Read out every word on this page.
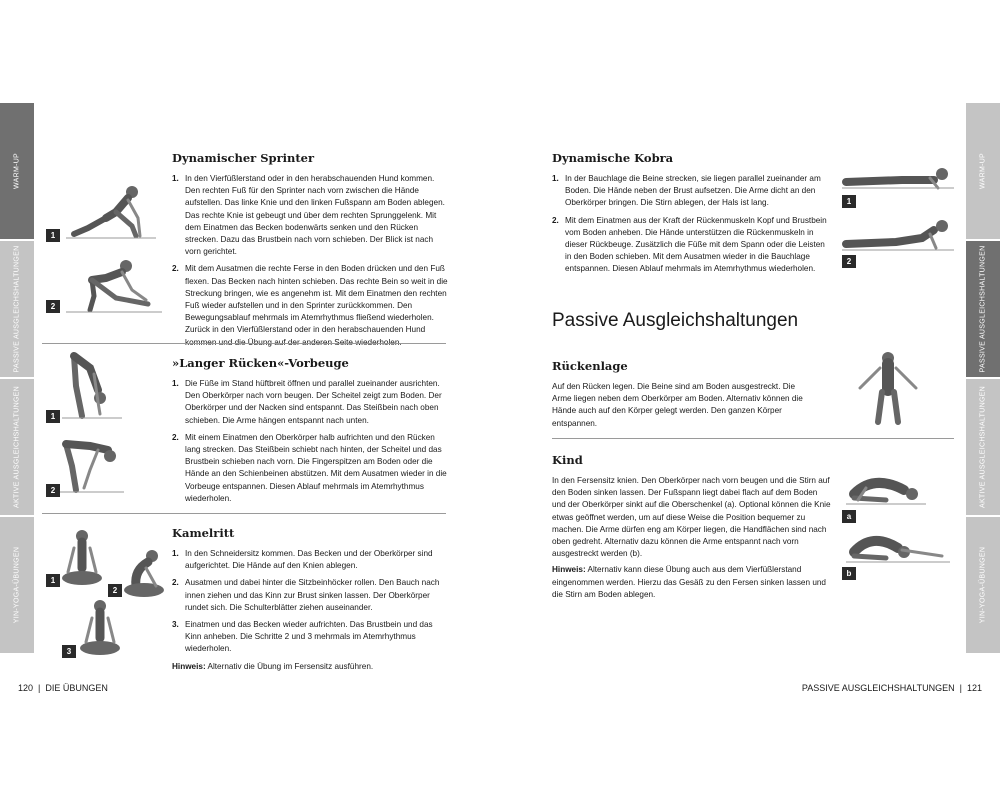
WARM-UP
PASSIVE AUSGLEICHSHALTUNGEN
AKTIVE AUSGLEICHSHALTUNGEN
YIN-YOGA-ÜBUNGEN
WARM-UP
PASSIVE AUSGLEICHSHALTUNGEN
AKTIVE AUSGLEICHSHALTUNGEN
YIN-YOGA-ÜBUNGEN
1
2
Dynamischer Sprinter
1. In den Vierfüßlerstand oder in den herabschauenden Hund kommen. Den rechten Fuß für den Sprinter nach vorn zwischen die Hände aufstellen. Das linke Knie und den linken Fußspann am Boden ablegen. Das rechte Knie ist gebeugt und über dem rechten Sprunggelenk. Mit dem Einatmen das Becken bodenwärts senken und den Rücken strecken. Dazu das Brustbein nach vorn schieben. Der Blick ist nach vorn gerichtet.
2. Mit dem Ausatmen die rechte Ferse in den Boden drücken und den Fuß flexen. Das Becken nach hinten schieben. Das rechte Bein so weit in die Streckung bringen, wie es angenehm ist. Mit dem Einatmen den rechten Fuß wieder aufstellen und in den Sprinter zurückkommen. Den Bewegungsablauf mehrmals im Atemrhythmus fließend wiederholen. Zurück in den Vierfüßlerstand oder in den herabschauenden Hund
1
2
»Langer Rücken«-Vorbeuge
1. Die Füße im Stand hüftbreit öffnen und parallel zueinander ausrichten. Den Oberkörper nach vorn beugen. Der Scheitel zeigt zum Boden. Der Oberkörper und der Nacken sind entspannt. Das Steißbein nach oben schieben. Die Arme hängen entspannt nach unten.
2. Mit einem Einatmen den Oberkörper halb aufrichten und den Rücken lang strecken. Das Steißbein schiebt nach hinten, der Scheitel und das Brustbein schieben nach vorn. Die Fingerspitzen am Boden oder die Hände an den Schienbeinen abstützen. Mit dem Ausatmen wieder in die Vorbeuge entspannen. Diesen Ablauf mehrmals im Atemrhythmus wiederholen.
1
2
3
Kamelritt
1. In den Schneidersitz kommen. Das Becken und der Oberkörper sind aufgerichtet. Die Hände auf den Knien ablegen.
2. Ausatmen und dabei hinter die Sitzbeinhöcker rollen. Den Bauch nach innen ziehen und das Kinn zur Brust sinken lassen. Der Oberkörper rundet sich. Die Schulterblätter ziehen auseinander.
3. Einatmen und das Becken wieder aufrichten. Das Brustbein und das Kinn anheben. Die Schritte 2 und 3 mehrmals im Atemrhythmus wiederholen.

Hinweis: Alternativ die Übung im Fersensitz ausführen.

120 | DIE ÜBUNGEN
Dynamische Kobra
1. In der Bauchlage die Beine strecken, sie liegen parallel zueinander am Boden. Die Hände neben der Brust aufsetzen. Die Arme dicht an den Oberkörper bringen. Die Stirn ablegen, der Hals ist lang.
2. Mit dem Einatmen aus der Kraft der Rückenmuskeln Kopf und Brustbein vom Boden anheben. Die Hände unterstützen die Rückenmuskeln in dieser Rückbeuge. Zusätzlich die Füße mit dem Spann oder die Leisten in den Boden schieben. Mit dem Ausatmen wieder in die Bauchlage entspannen. Diesen Ablauf mehrmals im Atemrhythmus wiederholen.
1
2
Passive Ausgleichshaltungen
Rückenlage

Auf den Rücken legen. Die Beine sind am Boden ausgestreckt. Die Arme liegen neben dem Oberkörper am Boden. Alternativ können die Hände auch auf den Körper gelegt werden. Den ganzen Körper entspannen.

Kind

In den Fersensitz knien. Den Oberkörper nach vorn beugen und die Stirn auf den Boden sinken lassen. Der Fußspann liegt dabei flach auf dem Boden und der Oberkörper sinkt auf die Oberschenkel (a). Optional können die Knie etwas geöffnet werden, um auf diese Weise die Position bequemer zu machen. Die Arme dürfen eng am Körper liegen, die Handflächen sind nach oben gedreht. Alternativ dazu können die Arme entspannt nach vorn ausgestreckt werden (b).

Hinweis: Alternativ kann diese Übung auch aus dem Vierfüßlerstand eingenommen werden. Hierzu das Gesäß zu den Fersen sinken lassen und die Stirn am Boden ablegen.

a
b
PASSIVE AUSGLEICHSHALTUNGEN | 121
